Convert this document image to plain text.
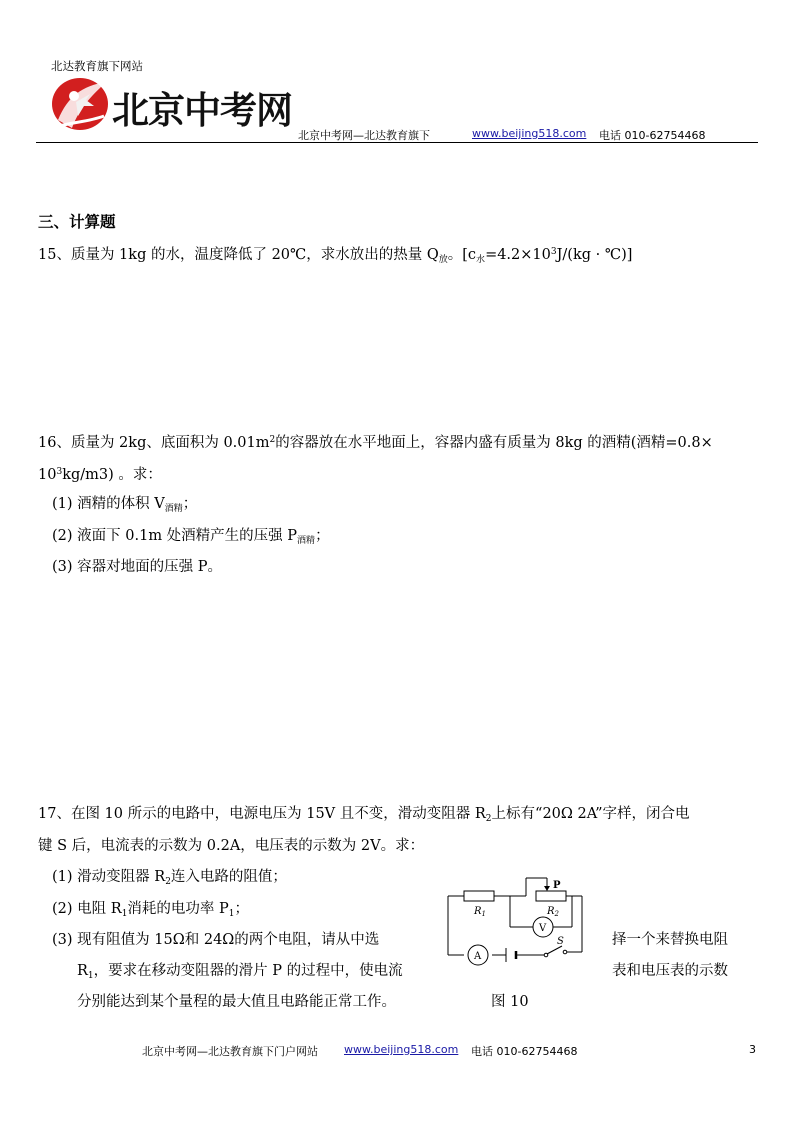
北达教育旗下网站
北京中考网
北京中考网—北达教育旗下	www.beijing518.com 电话 010-62754468
三、计算题
15、质量为 1kg 的水，温度降低了 20℃，求水放出的热量 $Q_放$。[$c_水=4.2\times 10^3J/(kg$ · ℃)]
16、质量为 2kg、底面积为 $0.01m^2$的容器放在水平地面上，容器内盛有质量为 8kg 的酒精(酒精=0.8×
$10^3kg/m3$) 。求：
(1) 酒精的体积 $V_{酒精}$；
(2) 液面下 0.1m 处酒精产生的压强 $P_{酒精}$；
(3) 容器对地面的压强 P。
17、在图 10 所示的电路中，电源电压为 15V 且不变，滑动变阻器 $R_2$上标有“20Ω 2A”字样，闭合电
键 S 后，电流表的示数为 0.2A，电压表的示数为 2V。求：
(1) 滑动变阻器 $R_2$连入电路的阻值；
(2) 电阻 $R_1$消耗的电功率 $P_1$；
(3) 现有阻值为 15Ω和 24Ω的两个电阻，请从中选	择一个来替换电阻
$R_1$，要求在移动变阻器的滑片 P 的过程中，使电流	表和电压表的示数
分别能达到某个量程的最大值且电路能正常工作。	图 10
$R_1$	$R_2$
P
V
A
S
北京中考网—北达教育旗下门户网站 www.beijing518.com 电话 010-62754468	3
